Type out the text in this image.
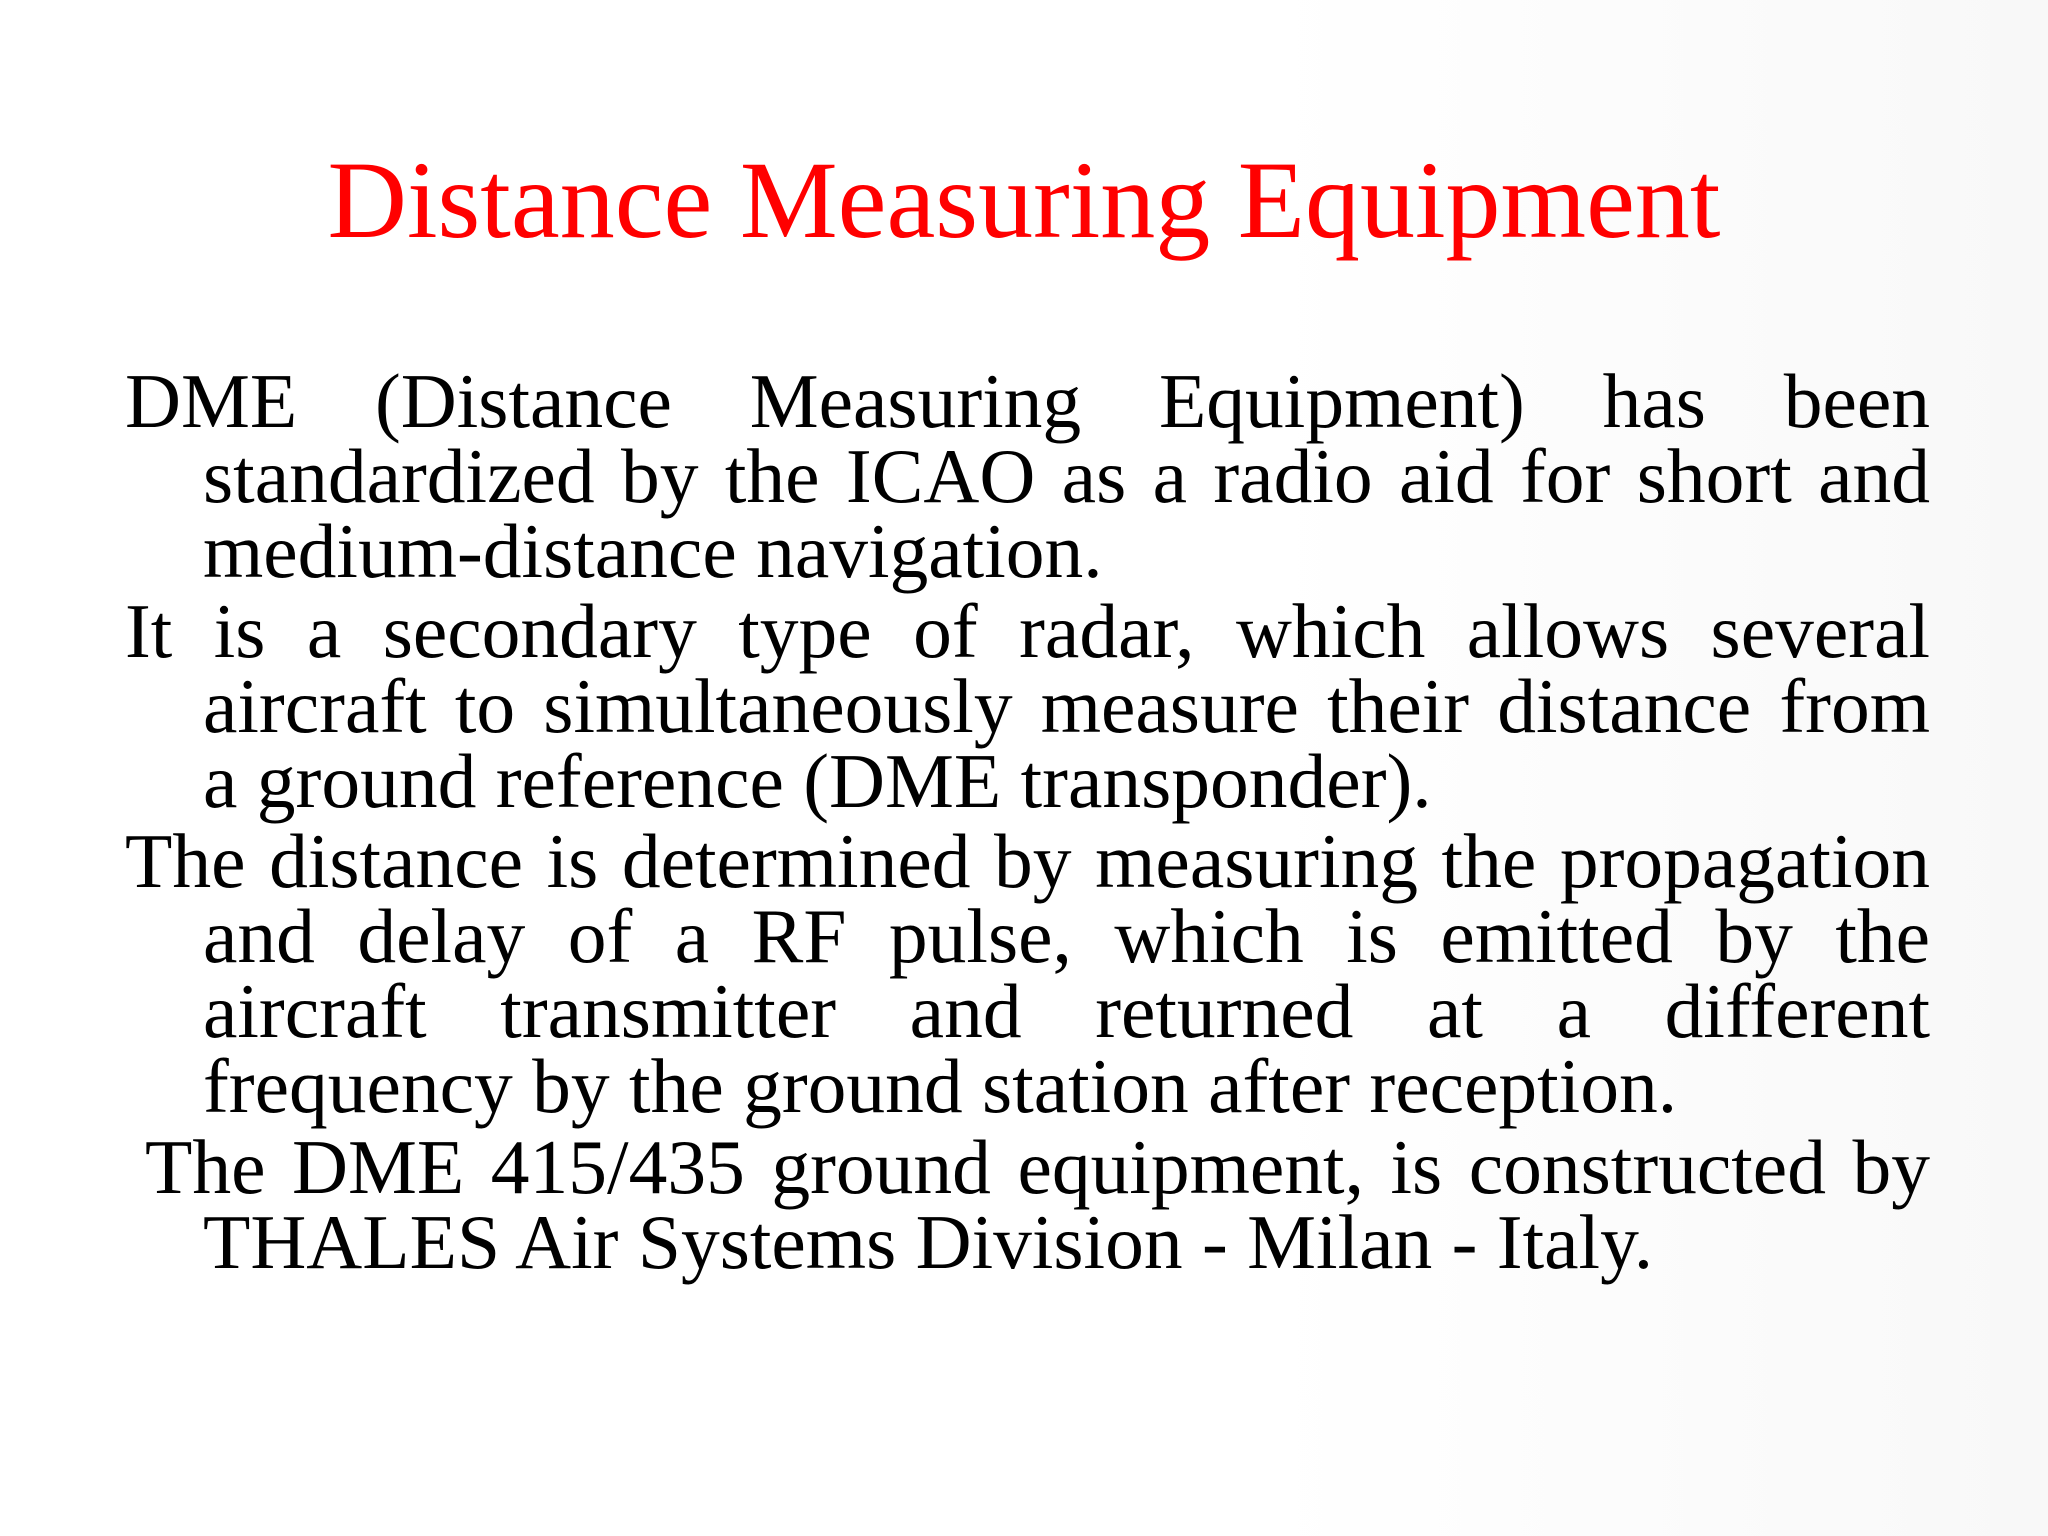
Distance Measuring Equipment

DME (Distance Measuring Equipment) has been standardized by the ICAO as a radio aid for short and medium-distance navigation.

It is a secondary type of radar, which allows several aircraft to simultaneously measure their distance from a ground reference (DME transponder).

The distance is determined by measuring the propagation and delay of a RF pulse, which is emitted by the aircraft transmitter and returned at a different frequency by the ground station after reception.

The DME 415/435 ground equipment, is constructed by THALES Air Systems Division - Milan - Italy.
